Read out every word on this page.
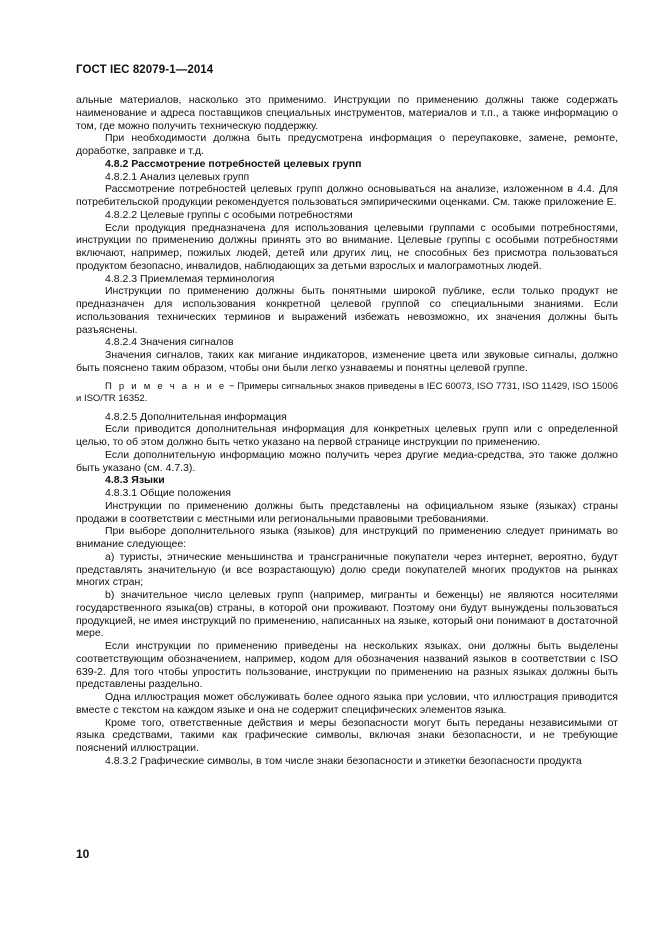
ГОСТ IEC 82079-1—2014

альные материалов, насколько это применимо. Инструкции по применению должны также содержать наименование и адреса поставщиков специальных инструментов, материалов и т.п., а также информацию о том, где можно получить техническую поддержку.

При необходимости должна быть предусмотрена информация о переупаковке, замене, ремонте, доработке, заправке и т.д.

4.8.2 Рассмотрение потребностей целевых групп

4.8.2.1 Анализ целевых групп

Рассмотрение потребностей целевых групп должно основываться на анализе, изложенном в 4.4. Для потребительской продукции рекомендуется пользоваться эмпирическими оценками. См. также приложение Е.

4.8.2.2 Целевые группы с особыми потребностями

Если продукция предназначена для использования целевыми группами с особыми потребностями, инструкции по применению должны принять это во внимание. Целевые группы с особыми потребностями включают, например, пожилых людей, детей или других лиц, не способных без присмотра пользоваться продуктом безопасно, инвалидов, наблюдающих за детьми взрослых и малограмотных людей.

4.8.2.3 Приемлемая терминология

Инструкции по применению должны быть понятными широкой публике, если только продукт не предназначен для использования конкретной целевой группой со специальными знаниями. Если использования технических терминов и выражений избежать невозможно, их значения должны быть разъяснены.

4.8.2.4 Значения сигналов

Значения сигналов, таких как мигание индикаторов, изменение цвета или звуковые сигналы, должно быть пояснено таким образом, чтобы они были легко узнаваемы и понятны целевой группе.

П р и м е ч а н и е − Примеры сигнальных знаков приведены в IEC 60073, ISO 7731, ISO 11429, ISO 15006 и ISO/TR 16352.

4.8.2.5 Дополнительная информация

Если приводится дополнительная информация для конкретных целевых групп или с определенной целью, то об этом должно быть четко указано на первой странице инструкции по применению.

Если дополнительную информацию можно получить через другие медиа-средства, это также должно быть указано (см. 4.7.3).

4.8.3 Языки

4.8.3.1 Общие положения

Инструкции по применению должны быть представлены на официальном языке (языках) страны продажи в соответствии с местными или региональными правовыми требованиями.

При выборе дополнительного языка (языков) для инструкций по применению следует принимать во внимание следующее:

а) туристы, этнические меньшинства и трансграничные покупатели через интернет, вероятно, будут представлять значительную (и все возрастающую) долю среди покупателей многих продуктов на рынках многих стран;

b) значительное число целевых групп (например, мигранты и беженцы) не являются носителями государственного языка(ов) страны, в которой они проживают. Поэтому они будут вынуждены пользоваться продукцией, не имея инструкций по применению, написанных на языке, который они понимают в достаточной мере.

Если инструкции по применению приведены на нескольких языках, они должны быть выделены соответствующим обозначением, например, кодом для обозначения названий языков в соответствии с ISO 639-2. Для того чтобы упростить пользование, инструкции по применению на разных языках должны быть представлены раздельно.

Одна иллюстрация может обслуживать более одного языка при условии, что иллюстрация приводится вместе с текстом на каждом языке и она не содержит специфических элементов языка.

Кроме того, ответственные действия и меры безопасности могут быть переданы независимыми от языка средствами, такими как графические символы, включая знаки безопасности, и не требующие пояснений иллюстрации.

4.8.3.2 Графические символы, в том числе знаки безопасности и этикетки безопасности продукта

10
